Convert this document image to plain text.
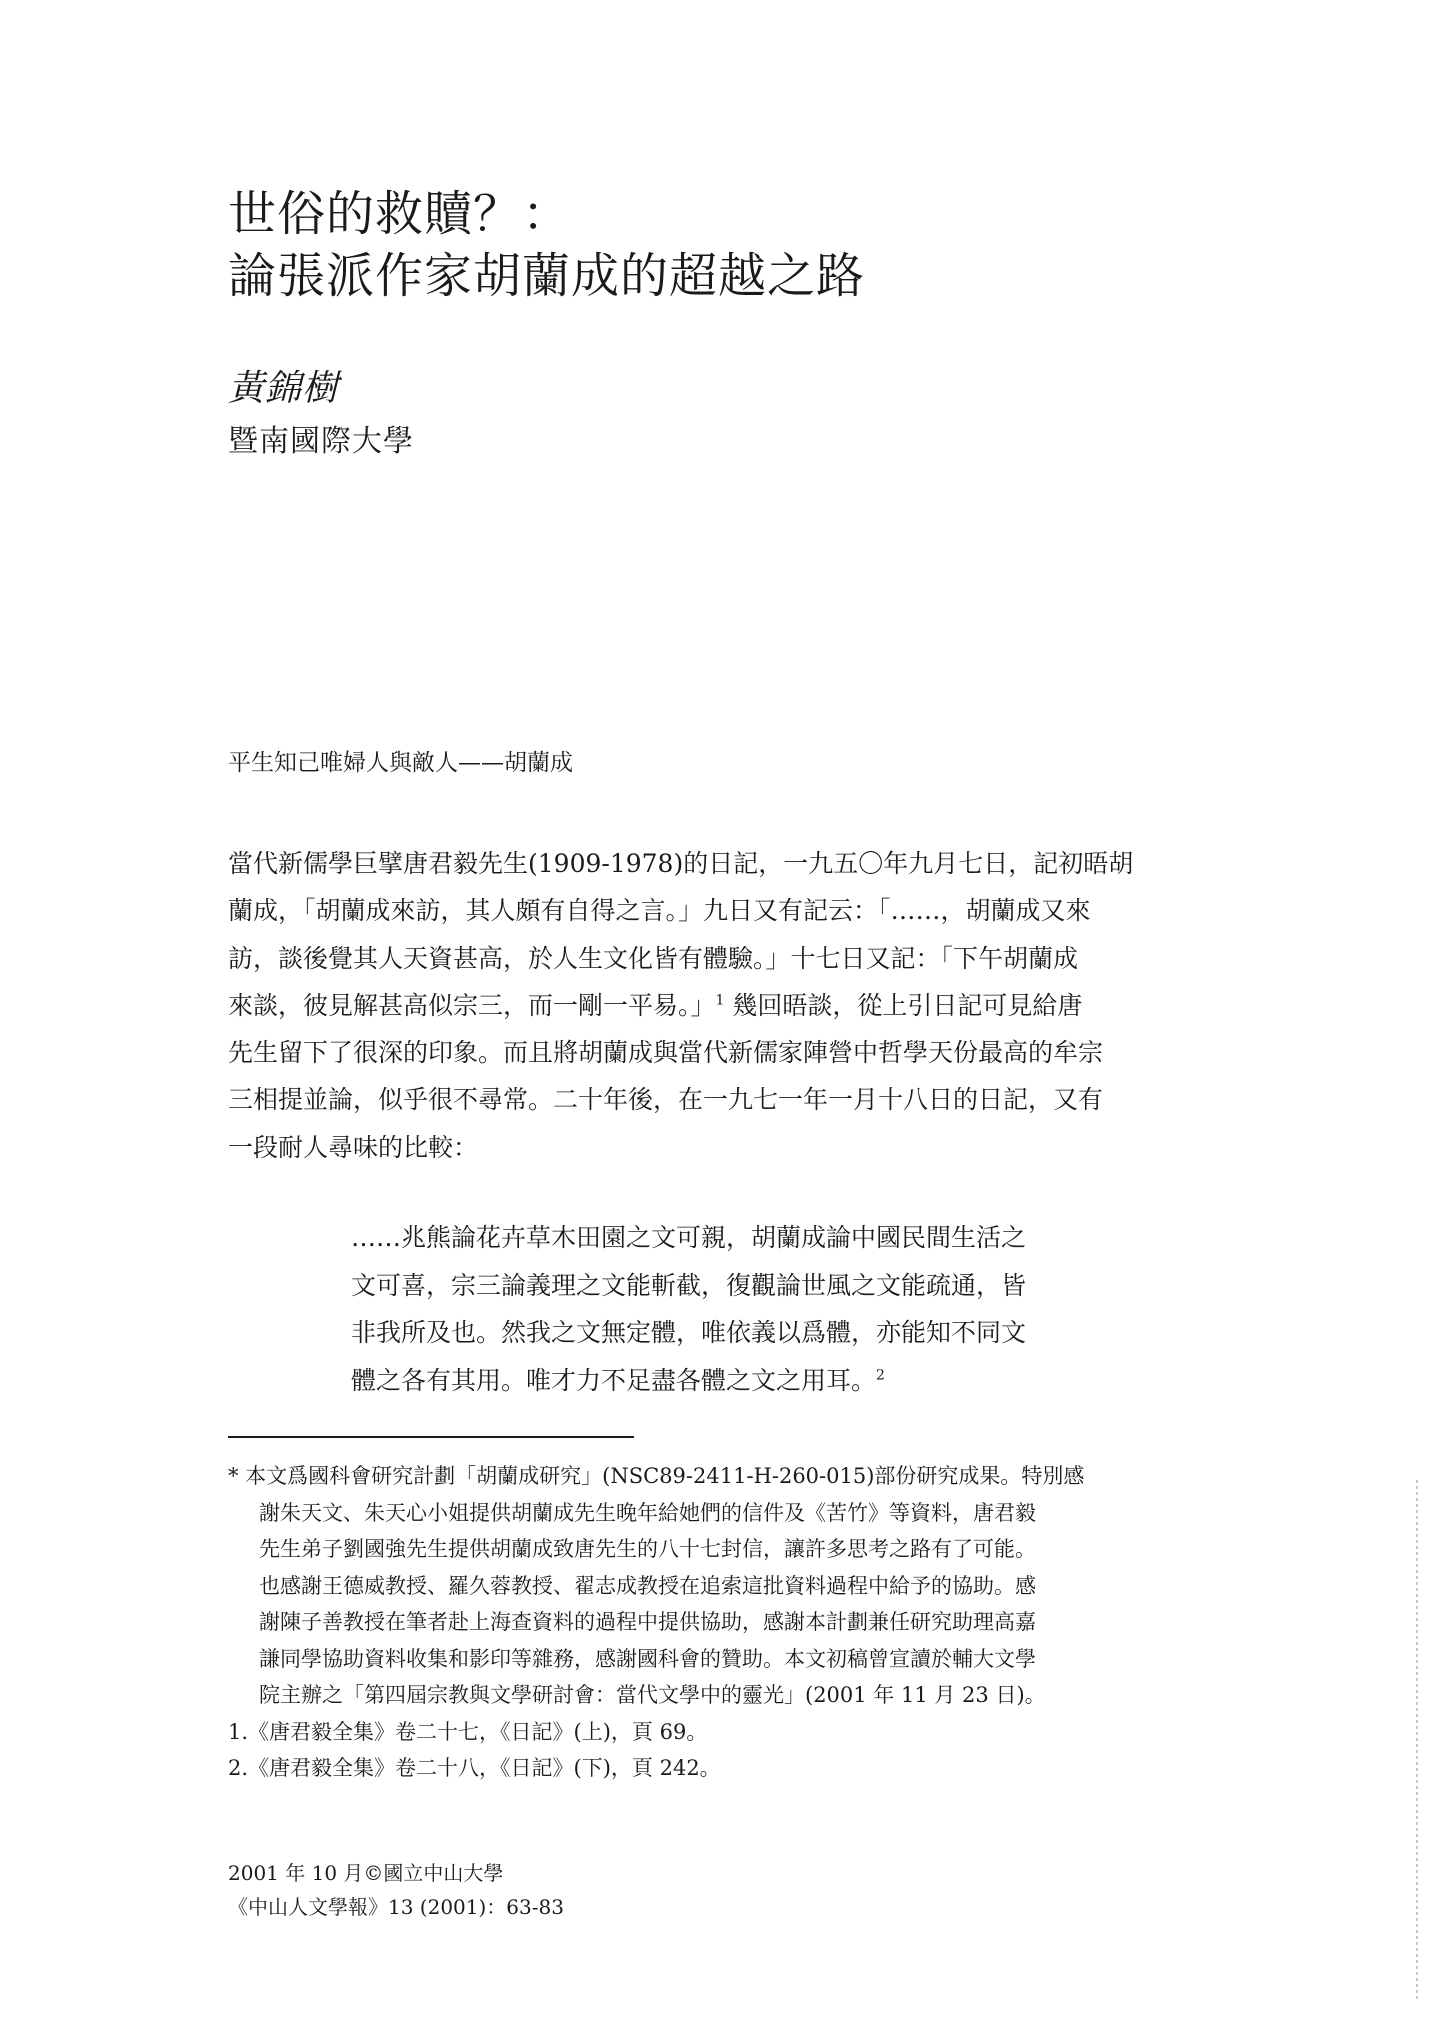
世俗的救贖？：
論張派作家胡蘭成的超越之路
黃錦樹
暨南國際大學
平生知己唯婦人與敵人——胡蘭成
當代新儒學巨擘唐君毅先生(1909-1978)的日記，一九五〇年九月七日，記初晤胡
蘭成，「胡蘭成來訪，其人頗有自得之言。」九日又有記云：「……，胡蘭成又來
訪，談後覺其人天資甚高，於人生文化皆有體驗。」十七日又記：「下午胡蘭成
來談，彼見解甚高似宗三，而一剛一平易。」$^1$ 幾回晤談，從上引日記可見給唐
先生留下了很深的印象。而且將胡蘭成與當代新儒家陣營中哲學天份最高的牟宗
三相提並論，似乎很不尋常。二十年後，在一九七一年一月十八日的日記，又有
一段耐人尋味的比較：
……兆熊論花卉草木田園之文可親，胡蘭成論中國民間生活之
文可喜，宗三論義理之文能斬截，復觀論世風之文能疏通，皆
非我所及也。然我之文無定體，唯依義以爲體，亦能知不同文
體之各有其用。唯才力不足盡各體之文之用耳。$^2$
* 本文爲國科會研究計劃「胡蘭成研究」(NSC89-2411-H-260-015)部份研究成果。特別感
謝朱天文、朱天心小姐提供胡蘭成先生晚年給她們的信件及《苦竹》等資料，唐君毅
先生弟子劉國強先生提供胡蘭成致唐先生的八十七封信，讓許多思考之路有了可能。
也感謝王德威教授、羅久蓉教授、翟志成教授在追索這批資料過程中給予的協助。感
謝陳子善教授在筆者赴上海查資料的過程中提供協助，感謝本計劃兼任研究助理高嘉
謙同學協助資料收集和影印等雜務，感謝國科會的贊助。本文初稿曾宣讀於輔大文學
院主辦之「第四屆宗教與文學研討會：當代文學中的靈光」(2001 年 11 月 23 日)。
1.《唐君毅全集》卷二十七，《日記》(上)，頁 69。
2.《唐君毅全集》卷二十八，《日記》(下)，頁 242。
2001 年 10 月©國立中山大學
《中山人文學報》13 (2001)：63-83
